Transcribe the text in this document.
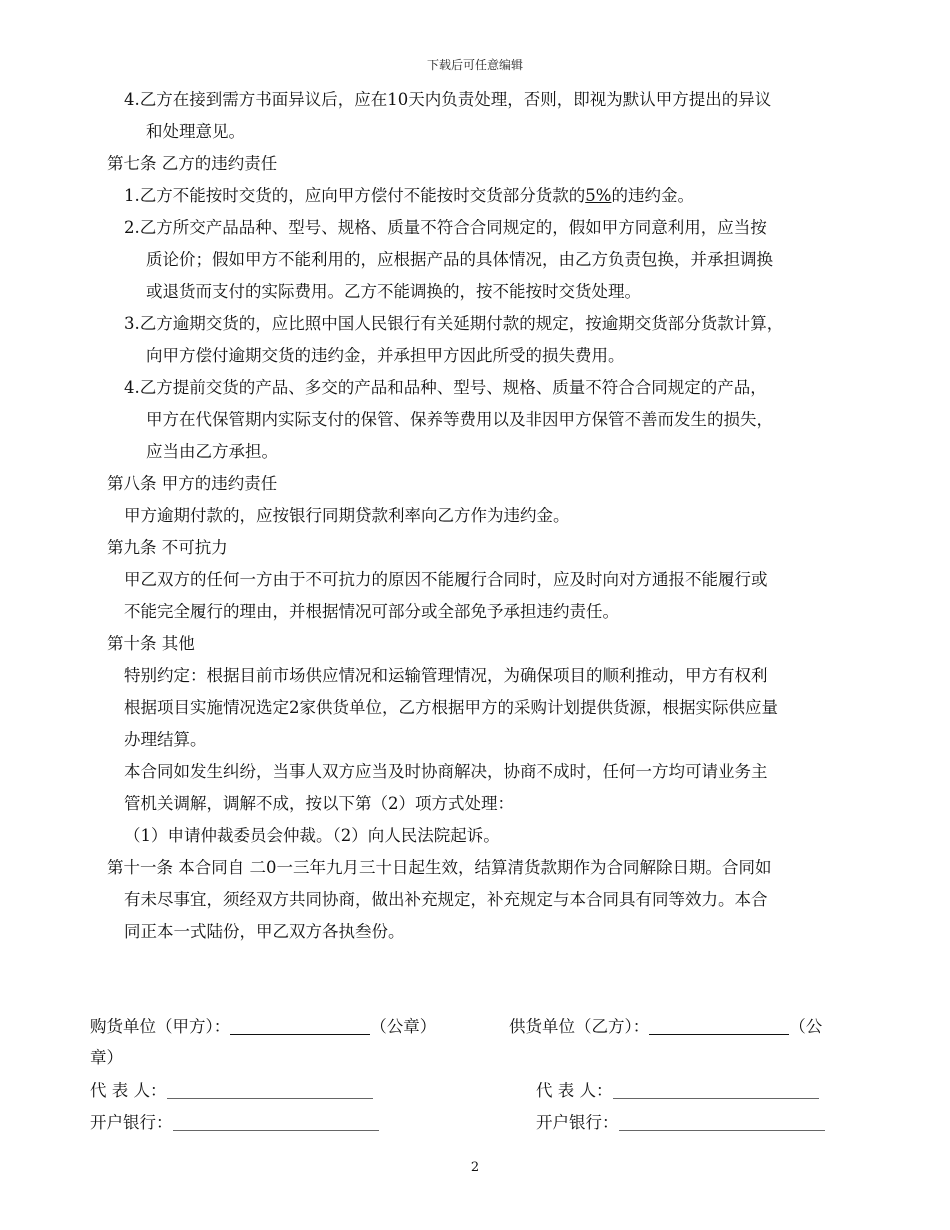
下载后可任意编辑
4.乙方在接到需方书面异议后，应在10天内负责处理，否则，即视为默认甲方提出的异议
和处理意见。
第七条 乙方的违约责任
1.乙方不能按时交货的，应向甲方偿付不能按时交货部分货款的5%的违约金。
2.乙方所交产品品种、型号、规格、质量不符合合同规定的，假如甲方同意利用，应当按
质论价；假如甲方不能利用的，应根据产品的具体情况，由乙方负责包换，并承担调换
或退货而支付的实际费用。乙方不能调换的，按不能按时交货处理。
3.乙方逾期交货的，应比照中国人民银行有关延期付款的规定，按逾期交货部分货款计算，
向甲方偿付逾期交货的违约金，并承担甲方因此所受的损失费用。
4.乙方提前交货的产品、多交的产品和品种、型号、规格、质量不符合合同规定的产品，
甲方在代保管期内实际支付的保管、保养等费用以及非因甲方保管不善而发生的损失，
应当由乙方承担。
第八条 甲方的违约责任
甲方逾期付款的，应按银行同期贷款利率向乙方作为违约金。
第九条 不可抗力
甲乙双方的任何一方由于不可抗力的原因不能履行合同时，应及时向对方通报不能履行或
不能完全履行的理由，并根据情况可部分或全部免予承担违约责任。
第十条 其他
特别约定：根据目前市场供应情况和运输管理情况，为确保项目的顺利推动，甲方有权利
根据项目实施情况选定2家供货单位，乙方根据甲方的采购计划提供货源，根据实际供应量
办理结算。
本合同如发生纠纷，当事人双方应当及时协商解决，协商不成时，任何一方均可请业务主
管机关调解，调解不成，按以下第（2）项方式处理：
（1）申请仲裁委员会仲裁。（2）向人民法院起诉。
第十一条 本合同自 二0一三年九月三十日起生效，结算清货款期作为合同解除日期。合同如
有未尽事宜，须经双方共同协商，做出补充规定，补充规定与本合同具有同等效力。本合
同正本一式陆份，甲乙双方各执叁份。
购货单位（甲方）：	（公章）	供货单位（乙方）：	（公
章）
代 表 人：	代 表 人：
开户银行：	开户银行：
2
